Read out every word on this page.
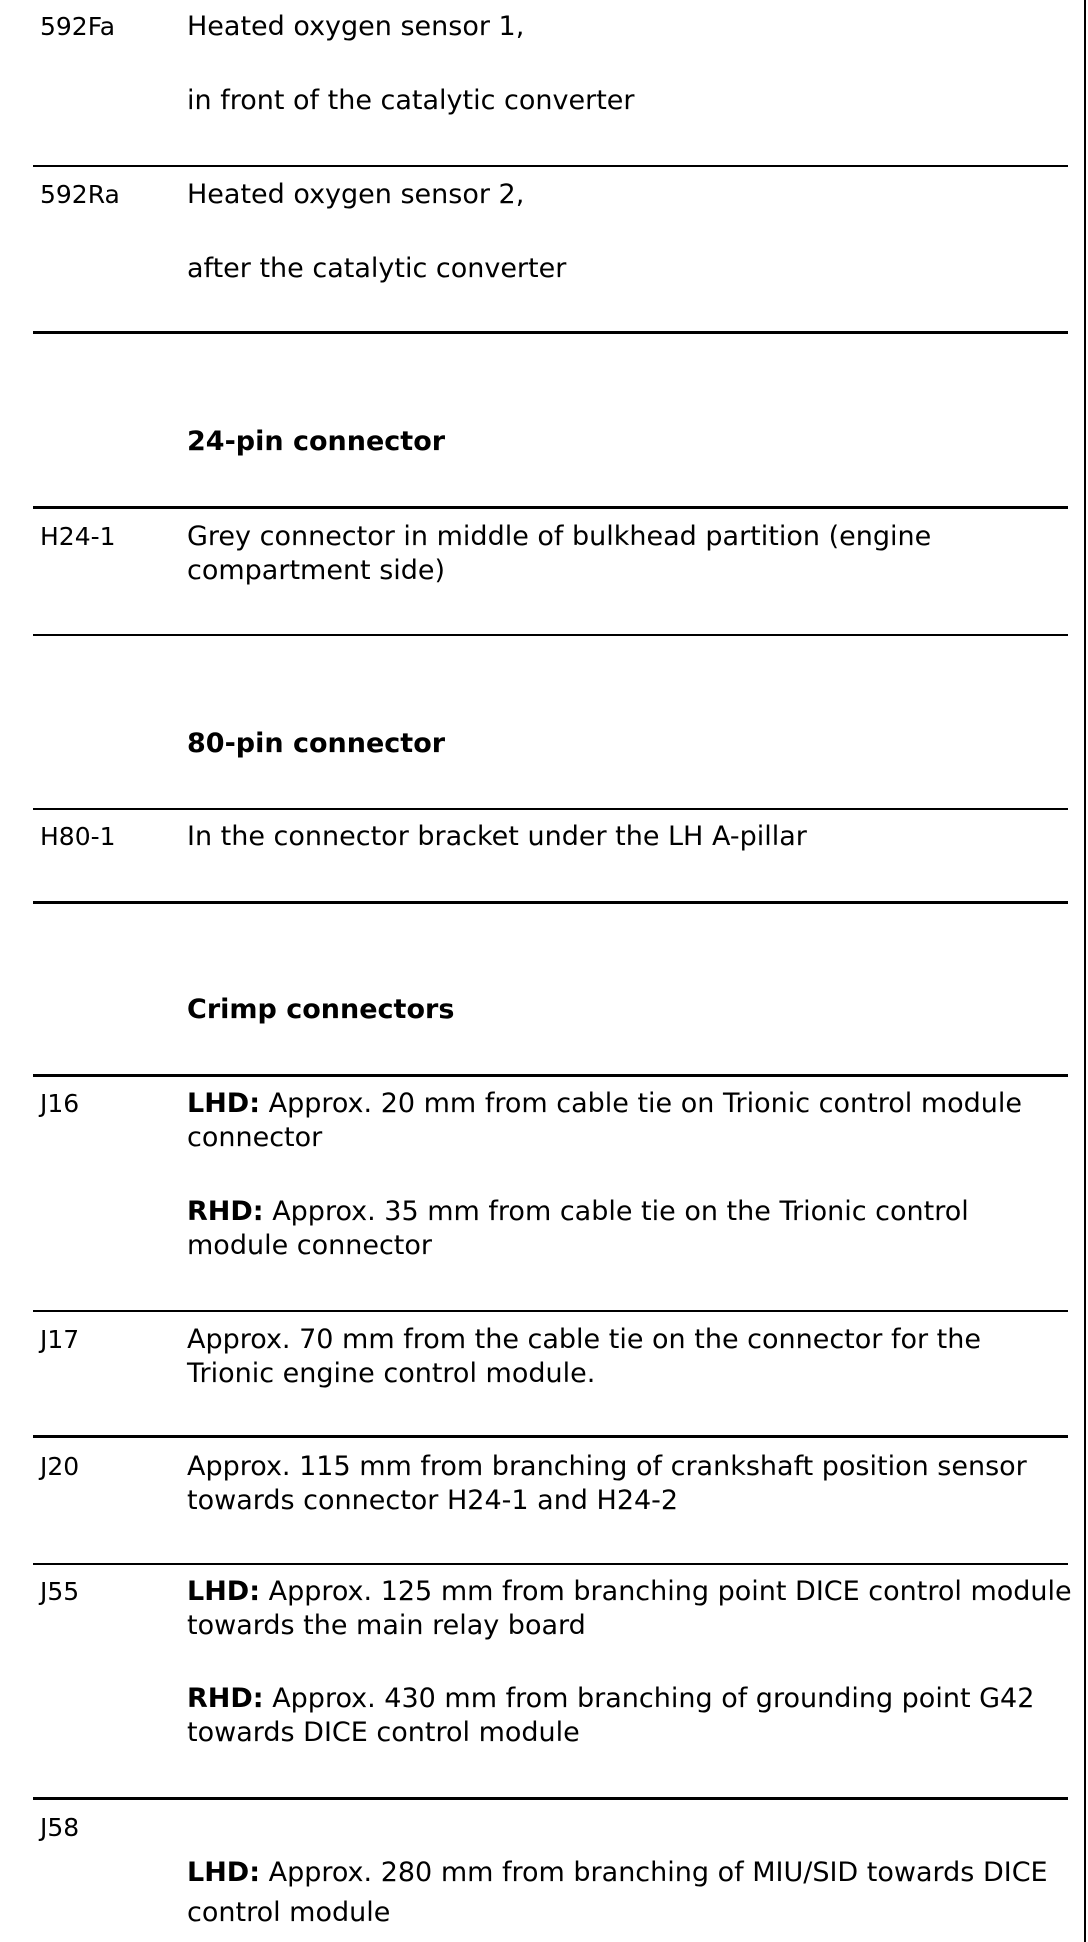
592Fa	Heated oxygen sensor 1,
in front of the catalytic converter
592Ra Heated oxygen sensor 2,
after the catalytic converter
24-pin connector
H24-1	Grey connector in middle of bulkhead partition (engine compartment side)
80-pin connector
H80-1	In the connector bracket under the LH A-pillar
Crimp connectors
J16	LHD: Approx. 20 mm from cable tie on Trionic control module connector
RHD: Approx. 35 mm from cable tie on the Trionic control module connector
J17	Approx. 70 mm from the cable tie on the connector for the Trionic engine control module.
J20	Approx. 115 mm from branching of crankshaft position sensor towards connector H24-1 and H24-2
J55	LHD: Approx. 125 mm from branching point DICE control module towards the main relay board
RHD: Approx. 430 mm from branching of grounding point G42 towards DICE control module
J58
LHD: Approx. 280 mm from branching of MIU/SID towards DICE control module
